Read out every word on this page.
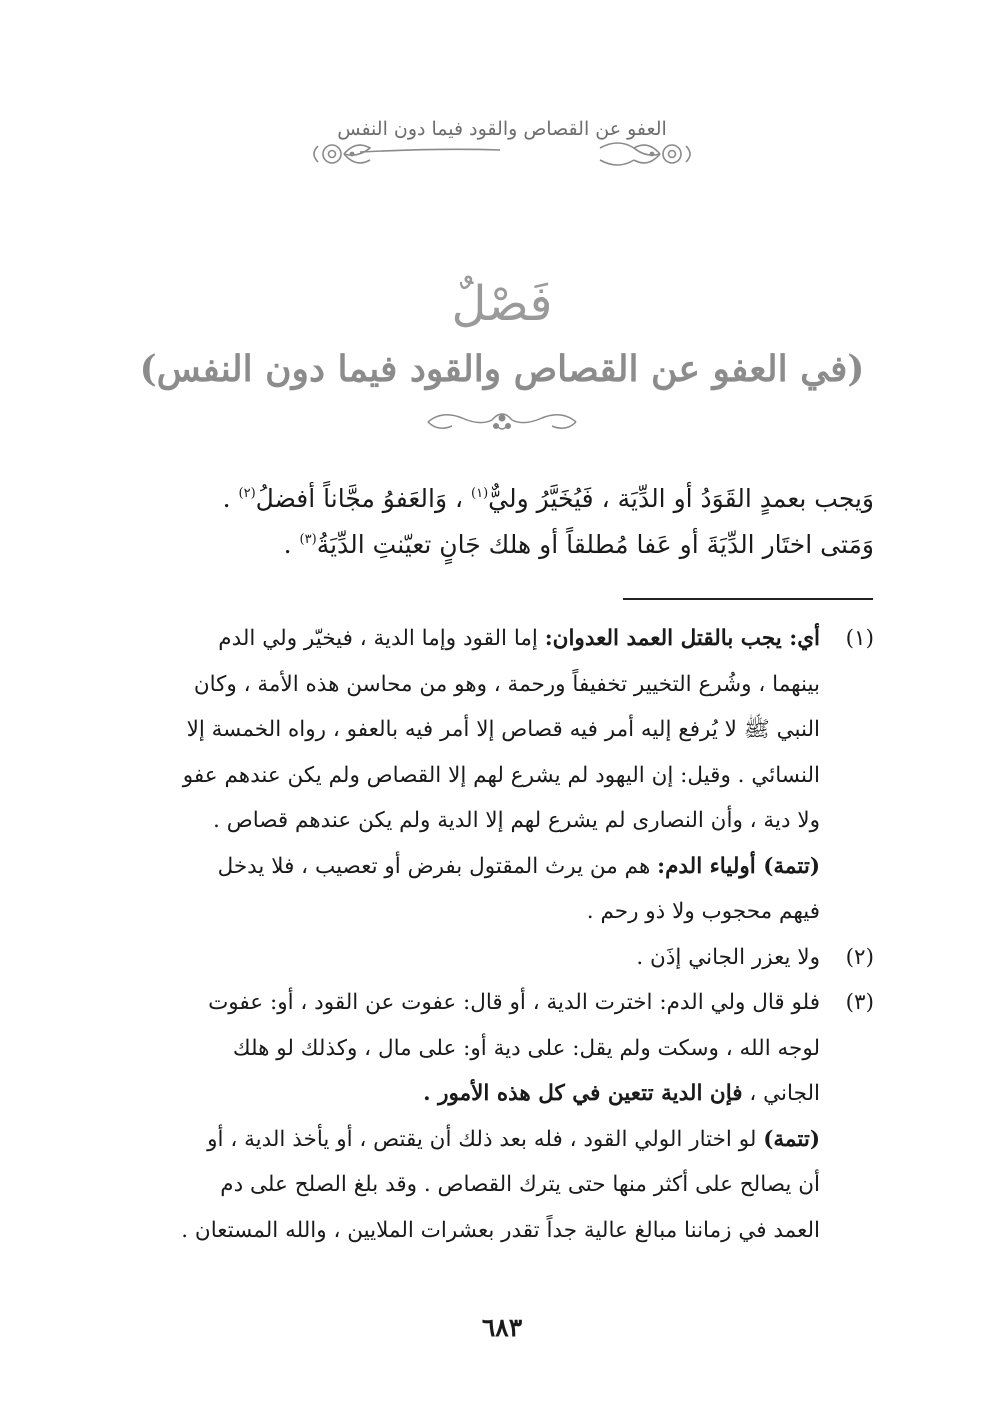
العفو عن القصاص والقود فيما دون النفس
فَصْلٌ
(في العفو عن القصاص والقود فيما دون النفس)
وَيجب بعمدٍ القَوَدُ أو الدِّيَة ، فَيُخَيَّرُ وليٌّ$^{(١)}$ ، وَالعَفوُ مجَّاناً أفضلُ$^{(٢)}$ .
وَمَتى اختَار الدِّيَةَ أو عَفا مُطلقاً أو هلك جَانٍ تعيّنتِ الدِّيَةُ$^{(٣)}$ .
(١)
أي: يجب بالقتل العمد العدوان: إما القود وإما الدية ، فيخيّر ولي الدم
بينهما ، وشُرع التخيير تخفيفاً ورحمة ، وهو من محاسن هذه الأمة ، وكان
النبي ﷺ لا يُرفع إليه أمر فيه قصاص إلا أمر فيه بالعفو ، رواه الخمسة إلا
النسائي . وقيل: إن اليهود لم يشرع لهم إلا القصاص ولم يكن عندهم عفو
ولا دية ، وأن النصارى لم يشرع لهم إلا الدية ولم يكن عندهم قصاص .
(تتمة) أولياء الدم: هم من يرث المقتول بفرض أو تعصيب ، فلا يدخل
فيهم محجوب ولا ذو رحم .
(٢)
ولا يعزر الجاني إذَن .
(٣)
فلو قال ولي الدم: اخترت الدية ، أو قال: عفوت عن القود ، أو: عفوت
لوجه الله ، وسكت ولم يقل: على دية أو: على مال ، وكذلك لو هلك
الجاني ، فإن الدية تتعين في كل هذه الأمور .
(تتمة) لو اختار الولي القود ، فله بعد ذلك أن يقتص ، أو يأخذ الدية ، أو
أن يصالح على أكثر منها حتى يترك القصاص . وقد بلغ الصلح على دم
العمد في زماننا مبالغ عالية جداً تقدر بعشرات الملايين ، والله المستعان .
٦٨٣
